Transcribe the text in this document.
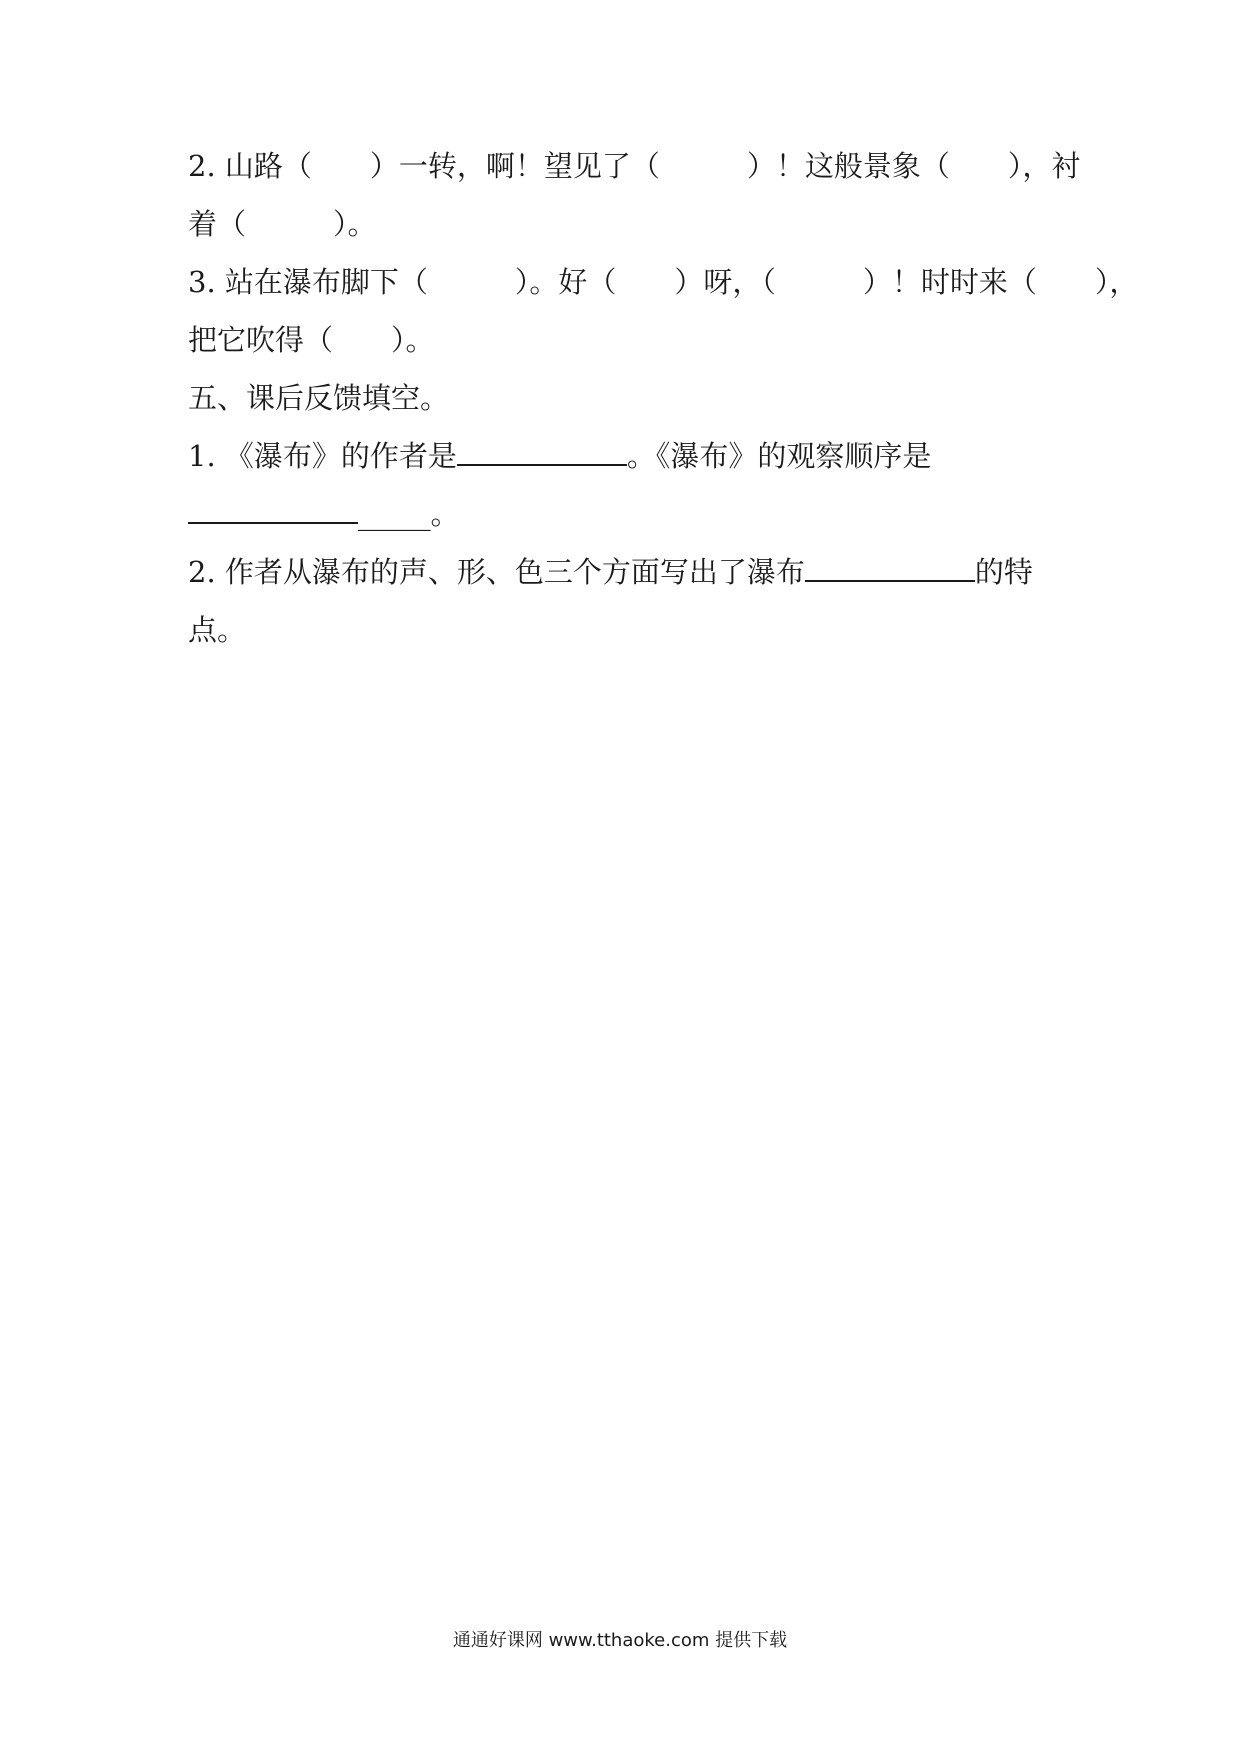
2. 山路（　　）一转，啊！望见了（　　　）！这般景象（　　），衬
着（　　　）。
3. 站在瀑布脚下（　　　）。好（　　）呀，（　　　）！时时来（　　），
把它吹得（　　）。
五、课后反馈填空。
1. 《瀑布》的作者是	。《瀑布》的观察顺序是
_____。
2. 作者从瀑布的声、形、色三个方面写出了瀑布	的特
点。
通通好课网 www.tthaoke.com 提供下载
